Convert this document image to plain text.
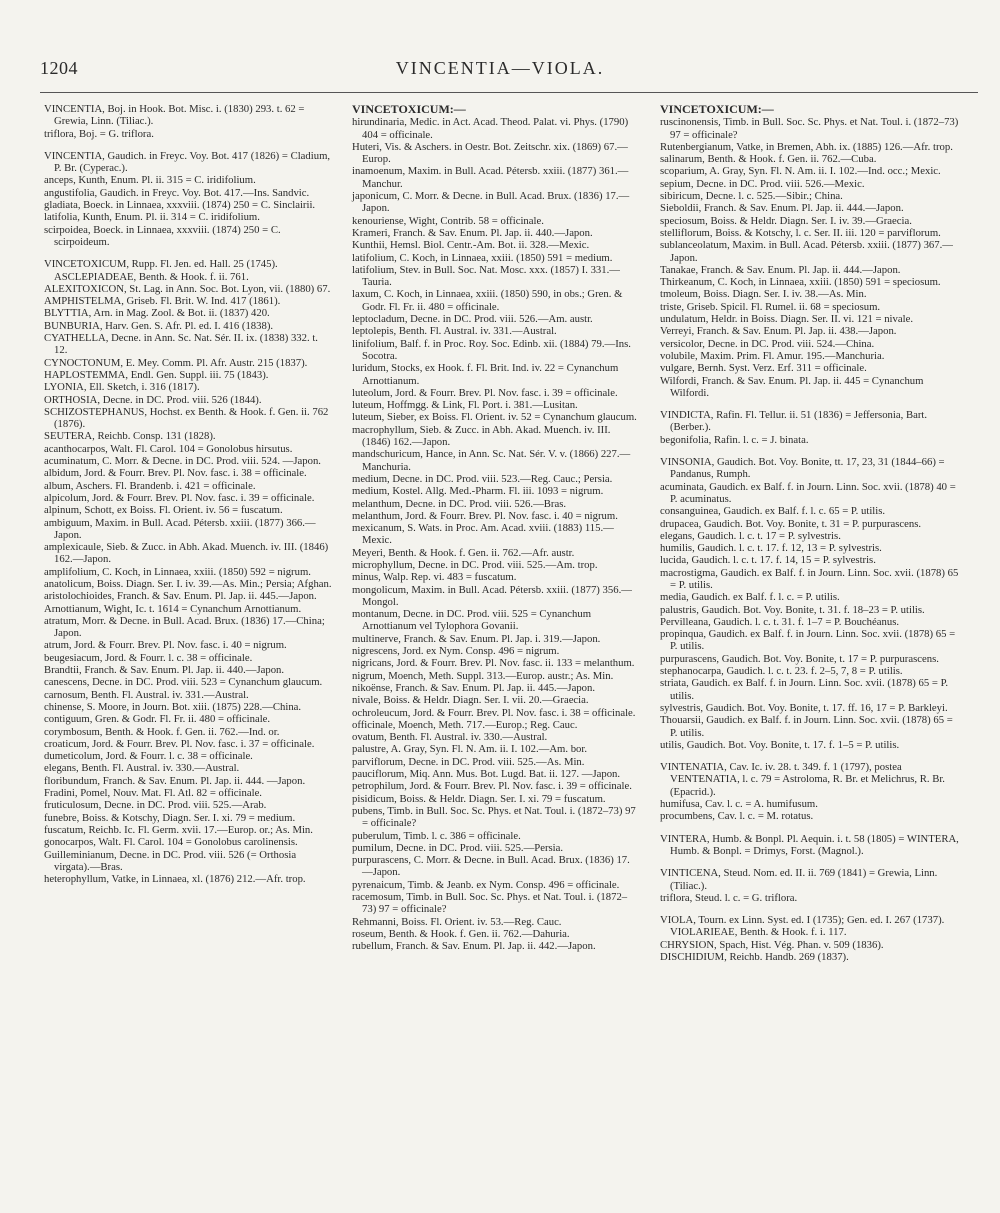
1204	VINCENTIA—VIOLA.
VINCENTIA, Boj. in Hook. Bot. Misc. i. (1830) 293. t. 62 = Grewia, Linn. (Tiliac.).
triflora, Boj. = G. triflora.
VINCENTIA, Gaudich. in Freyc. Voy. Bot. 417 (1826) = Cladium, P. Br. (Cyperac.).
anceps, Kunth, Enum. Pl. ii. 315 = C. iridifolium.
angustifolia, Gaudich. in Freyc. Voy. Bot. 417.—Ins. Sandvic.
gladiata, Boeck. in Linnaea, xxxviii. (1874) 250 = C. Sinclairii.
latifolia, Kunth, Enum. Pl. ii. 314 = C. iridifolium.
scirpoidea, Boeck. in Linnaea, xxxviii. (1874) 250 = C. scirpoideum.
VINCETOXICUM, Rupp. Fl. Jen. ed. Hall. 25 (1745). ASCLEPIADEAE, Benth. & Hook. f. ii. 761.
ALEXITOXICON, St. Lag. in Ann. Soc. Bot. Lyon, vii. (1880) 67.
AMPHISTELMA, Griseb. Fl. Brit. W. Ind. 417 (1861).
BLYTTIA, Arn. in Mag. Zool. & Bot. ii. (1837) 420.
BUNBURIA, Harv. Gen. S. Afr. Pl. ed. I. 416 (1838).
CYATHELLA, Decne. in Ann. Sc. Nat. Sér. II. ix. (1838) 332. t. 12.
CYNOCTONUM, E. Mey. Comm. Pl. Afr. Austr. 215 (1837).
HAPLOSTEMMA, Endl. Gen. Suppl. iii. 75 (1843).
LYONIA, Ell. Sketch, i. 316 (1817).
ORTHOSIA, Decne. in DC. Prod. viii. 526 (1844).
SCHIZOSTEPHANUS, Hochst. ex Benth. & Hook. f. Gen. ii. 762 (1876).
SEUTERA, Reichb. Consp. 131 (1828).
acanthocarpos, Walt. Fl. Carol. 104 = Gonolobus hirsutus.
acuminatum, C. Morr. & Decne. in DC. Prod. viii. 524. —Japon.
albidum, Jord. & Fourr. Brev. Pl. Nov. fasc. i. 38 = officinale.
album, Aschers. Fl. Brandenb. i. 421 = officinale.
alpicolum, Jord. & Fourr. Brev. Pl. Nov. fasc. i. 39 = officinale.
alpinum, Schott, ex Boiss. Fl. Orient. iv. 56 = fuscatum.
ambiguum, Maxim. in Bull. Acad. Pétersb. xxiii. (1877) 366.—Japon.
amplexicaule, Sieb. & Zucc. in Abh. Akad. Muench. iv. III. (1846) 162.—Japon.
amplifolium, C. Koch, in Linnaea, xxiii. (1850) 592 = nigrum.
anatolicum, Boiss. Diagn. Ser. I. iv. 39.—As. Min.; Persia; Afghan.
aristolochioides, Franch. & Sav. Enum. Pl. Jap. ii. 445.—Japon.
Arnottianum, Wight, Ic. t. 1614 = Cynanchum Arnottianum.
atratum, Morr. & Decne. in Bull. Acad. Brux. (1836) 17.—China; Japon.
atrum, Jord. & Fourr. Brev. Pl. Nov. fasc. i. 40 = nigrum.
beugesiacum, Jord. & Fourr. l. c. 38 = officinale.
Brandtii, Franch. & Sav. Enum. Pl. Jap. ii. 440.—Japon.
canescens, Decne. in DC. Prod. viii. 523 = Cynanchum glaucum.
carnosum, Benth. Fl. Austral. iv. 331.—Austral.
chinense, S. Moore, in Journ. Bot. xiii. (1875) 228.—China.
contiguum, Gren. & Godr. Fl. Fr. ii. 480 = officinale.
corymbosum, Benth. & Hook. f. Gen. ii. 762.—Ind. or.
croaticum, Jord. & Fourr. Brev. Pl. Nov. fasc. i. 37 = officinale.
dumeticolum, Jord. & Fourr. l. c. 38 = officinale.
elegans, Benth. Fl. Austral. iv. 330.—Austral.
floribundum, Franch. & Sav. Enum. Pl. Jap. ii. 444. —Japon.
Fradini, Pomel, Nouv. Mat. Fl. Atl. 82 = officinale.
fruticulosum, Decne. in DC. Prod. viii. 525.—Arab.
funebre, Boiss. & Kotschy, Diagn. Ser. I. xi. 79 = medium.
fuscatum, Reichb. Ic. Fl. Germ. xvii. 17.—Europ. or.; As. Min.
gonocarpos, Walt. Fl. Carol. 104 = Gonolobus carolinensis.
Guilleminianum, Decne. in DC. Prod. viii. 526 (= Orthosia virgata).—Bras.
heterophyllum, Vatke, in Linnaea, xl. (1876) 212.—Afr. trop.
VINCETOXICUM:—
hirundinaria, Medic. in Act. Acad. Theod. Palat. vi. Phys. (1790) 404 = officinale.
Huteri, Vis. & Aschers. in Oestr. Bot. Zeitschr. xix. (1869) 67.—Europ.
inamoenum, Maxim. in Bull. Acad. Pétersb. xxiii. (1877) 361.—Manchur.
japonicum, C. Morr. & Decne. in Bull. Acad. Brux. (1836) 17.—Japon.
kenouriense, Wight, Contrib. 58 = officinale.
Krameri, Franch. & Sav. Enum. Pl. Jap. ii. 440.—Japon.
Kunthii, Hemsl. Biol. Centr.-Am. Bot. ii. 328.—Mexic.
latifolium, C. Koch, in Linnaea, xxiii. (1850) 591 = medium.
latifolium, Stev. in Bull. Soc. Nat. Mosc. xxx. (1857) I. 331.—Tauria.
laxum, C. Koch, in Linnaea, xxiii. (1850) 590, in obs.; Gren. & Godr. Fl. Fr. ii. 480 = officinale.
leptocladum, Decne. in DC. Prod. viii. 526.—Am. austr.
leptolepis, Benth. Fl. Austral. iv. 331.—Austral.
linifolium, Balf. f. in Proc. Roy. Soc. Edinb. xii. (1884) 79.—Ins. Socotra.
luridum, Stocks, ex Hook. f. Fl. Brit. Ind. iv. 22 = Cynanchum Arnottianum.
luteolum, Jord. & Fourr. Brev. Pl. Nov. fasc. i. 39 = officinale.
luteum, Hoffmgg. & Link, Fl. Port. i. 381.—Lusitan.
luteum, Sieber, ex Boiss. Fl. Orient. iv. 52 = Cynanchum glaucum.
macrophyllum, Sieb. & Zucc. in Abh. Akad. Muench. iv. III. (1846) 162.—Japon.
mandschuricum, Hance, in Ann. Sc. Nat. Sér. V. v. (1866) 227.—Manchuria.
medium, Decne. in DC. Prod. viii. 523.—Reg. Cauc.; Persia.
medium, Kostel. Allg. Med.-Pharm. Fl. iii. 1093 = nigrum.
melanthum, Decne. in DC. Prod. viii. 526.—Bras.
melanthum, Jord. & Fourr. Brev. Pl. Nov. fasc. i. 40 = nigrum.
mexicanum, S. Wats. in Proc. Am. Acad. xviii. (1883) 115.—Mexic.
Meyeri, Benth. & Hook. f. Gen. ii. 762.—Afr. austr.
microphyllum, Decne. in DC. Prod. viii. 525.—Am. trop.
minus, Walp. Rep. vi. 483 = fuscatum.
mongolicum, Maxim. in Bull. Acad. Pétersb. xxiii. (1877) 356.—Mongol.
montanum, Decne. in DC. Prod. viii. 525 = Cynanchum Arnottianum vel Tylophora Govanii.
multinerve, Franch. & Sav. Enum. Pl. Jap. i. 319.—Japon.
nigrescens, Jord. ex Nym. Consp. 496 = nigrum.
nigricans, Jord. & Fourr. Brev. Pl. Nov. fasc. ii. 133 = melanthum.
nigrum, Moench, Meth. Suppl. 313.—Europ. austr.; As. Min.
nikoënse, Franch. & Sav. Enum. Pl. Jap. ii. 445.—Japon.
nivale, Boiss. & Heldr. Diagn. Ser. I. vii. 20.—Graecia.
ochroleucum, Jord. & Fourr. Brev. Pl. Nov. fasc. i. 38 = officinale.
officinale, Moench, Meth. 717.—Europ.; Reg. Cauc.
ovatum, Benth. Fl. Austral. iv. 330.—Austral.
palustre, A. Gray, Syn. Fl. N. Am. ii. I. 102.—Am. bor.
parviflorum, Decne. in DC. Prod. viii. 525.—As. Min.
pauciflorum, Miq. Ann. Mus. Bot. Lugd. Bat. ii. 127. —Japon.
petrophilum, Jord. & Fourr. Brev. Pl. Nov. fasc. i. 39 = officinale.
pisidicum, Boiss. & Heldr. Diagn. Ser. I. xi. 79 = fuscatum.
pubens, Timb. in Bull. Soc. Sc. Phys. et Nat. Toul. i. (1872–73) 97 = officinale?
puberulum, Timb. l. c. 386 = officinale.
pumilum, Decne. in DC. Prod. viii. 525.—Persia.
purpurascens, C. Morr. & Decne. in Bull. Acad. Brux. (1836) 17.—Japon.
pyrenaicum, Timb. & Jeanb. ex Nym. Consp. 496 = officinale.
racemosum, Timb. in Bull. Soc. Sc. Phys. et Nat. Toul. i. (1872–73) 97 = officinale?
Rehmanni, Boiss. Fl. Orient. iv. 53.—Reg. Cauc.
roseum, Benth. & Hook. f. Gen. ii. 762.—Dahuria.
rubellum, Franch. & Sav. Enum. Pl. Jap. ii. 442.—Japon.
VINCETOXICUM:—
ruscinonensis, Timb. in Bull. Soc. Sc. Phys. et Nat. Toul. i. (1872–73) 97 = officinale?
Rutenbergianum, Vatke, in Bremen, Abh. ix. (1885) 126.—Afr. trop.
salinarum, Benth. & Hook. f. Gen. ii. 762.—Cuba.
scoparium, A. Gray, Syn. Fl. N. Am. ii. I. 102.—Ind. occ.; Mexic.
sepium, Decne. in DC. Prod. viii. 526.—Mexic.
sibiricum, Decne. l. c. 525.—Sibir.; China.
Sieboldii, Franch. & Sav. Enum. Pl. Jap. ii. 444.—Japon.
speciosum, Boiss. & Heldr. Diagn. Ser. I. iv. 39.—Graecia.
stelliflorum, Boiss. & Kotschy, l. c. Ser. II. iii. 120 = parviflorum.
sublanceolatum, Maxim. in Bull. Acad. Pétersb. xxiii. (1877) 367.—Japon.
Tanakae, Franch. & Sav. Enum. Pl. Jap. ii. 444.—Japon.
Thirkeanum, C. Koch, in Linnaea, xxiii. (1850) 591 = speciosum.
tmoleum, Boiss. Diagn. Ser. I. iv. 38.—As. Min.
triste, Griseb. Spicil. Fl. Rumel. ii. 68 = speciosum.
undulatum, Heldr. in Boiss. Diagn. Ser. II. vi. 121 = nivale.
Verreyi, Franch. & Sav. Enum. Pl. Jap. ii. 438.—Japon.
versicolor, Decne. in DC. Prod. viii. 524.—China.
volubile, Maxim. Prim. Fl. Amur. 195.—Manchuria.
vulgare, Bernh. Syst. Verz. Erf. 311 = officinale.
Wilfordi, Franch. & Sav. Enum. Pl. Jap. ii. 445 = Cynanchum Wilfordi.
VINDICTA, Rafin. Fl. Tellur. ii. 51 (1836) = Jeffersonia, Bart. (Berber.).
begonifolia, Rafin. l. c. = J. binata.
VINSONIA, Gaudich. Bot. Voy. Bonite, tt. 17, 23, 31 (1844–66) = Pandanus, Rumph.
acuminata, Gaudich. ex Balf. f. in Journ. Linn. Soc. xvii. (1878) 40 = P. acuminatus.
consanguinea, Gaudich. ex Balf. f. l. c. 65 = P. utilis.
drupacea, Gaudich. Bot. Voy. Bonite, t. 31 = P. purpurascens.
elegans, Gaudich. l. c. t. 17 = P. sylvestris.
humilis, Gaudich. l. c. t. 17. f. 12, 13 = P. sylvestris.
lucida, Gaudich. l. c. t. 17. f. 14, 15 = P. sylvestris.
macrostigma, Gaudich. ex Balf. f. in Journ. Linn. Soc. xvii. (1878) 65 = P. utilis.
media, Gaudich. ex Balf. f. l. c. = P. utilis.
palustris, Gaudich. Bot. Voy. Bonite, t. 31. f. 18–23 = P. utilis.
Pervilleana, Gaudich. l. c. t. 31. f. 1–7 = P. Bouchéanus.
propinqua, Gaudich. ex Balf. f. in Journ. Linn. Soc. xvii. (1878) 65 = P. utilis.
purpurascens, Gaudich. Bot. Voy. Bonite, t. 17 = P. purpurascens.
stephanocarpa, Gaudich. l. c. t. 23. f. 2–5, 7, 8 = P. utilis.
striata, Gaudich. ex Balf. f. in Journ. Linn. Soc. xvii. (1878) 65 = P. utilis.
sylvestris, Gaudich. Bot. Voy. Bonite, t. 17. ff. 16, 17 = P. Barkleyi.
Thouarsii, Gaudich. ex Balf. f. in Journ. Linn. Soc. xvii. (1878) 65 = P. utilis.
utilis, Gaudich. Bot. Voy. Bonite, t. 17. f. 1–5 = P. utilis.
VINTENATIA, Cav. Ic. iv. 28. t. 349. f. 1 (1797), postea VENTENATIA, l. c. 79 = Astroloma, R. Br. et Melichrus, R. Br. (Epacrid.).
humifusa, Cav. l. c. = A. humifusum.
procumbens, Cav. l. c. = M. rotatus.
VINTERA, Humb. & Bonpl. Pl. Aequin. i. t. 58 (1805) = WINTERA, Humb. & Bonpl. = Drimys, Forst. (Magnol.).
VINTICENA, Steud. Nom. ed. II. ii. 769 (1841) = Grewia, Linn. (Tiliac.).
triflora, Steud. l. c. = G. triflora.
VIOLA, Tourn. ex Linn. Syst. ed. I (1735); Gen. ed. I. 267 (1737). VIOLARIEAE, Benth. & Hook. f. i. 117.
CHRYSION, Spach, Hist. Vég. Phan. v. 509 (1836).
DISCHIDIUM, Reichb. Handb. 269 (1837).
